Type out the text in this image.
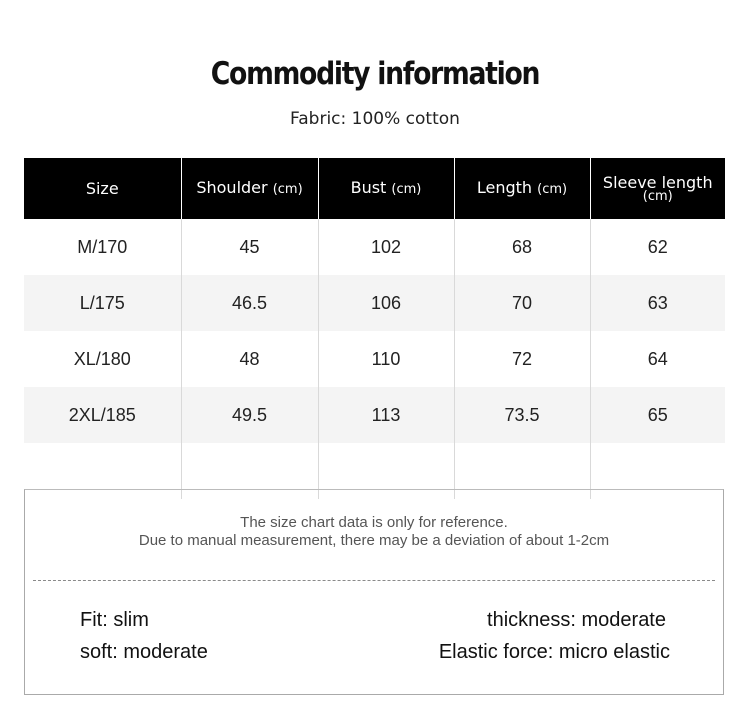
Commodity information
Fabric: 100% cotton
Size	Shoulder (cm)	Bust (cm)	Length (cm)	Sleeve length
(cm)

M/170	45	102	68	62
L/175	46.5	106	70	63
XL/180	48	110	72	64
2XL/185	49.5	113	73.5	65

The size chart data is only for reference.
Due to manual measurement, there may be a deviation of about 1-2cm
Fit: slim	thickness: moderate
soft: moderate	Elastic force: micro elastic
